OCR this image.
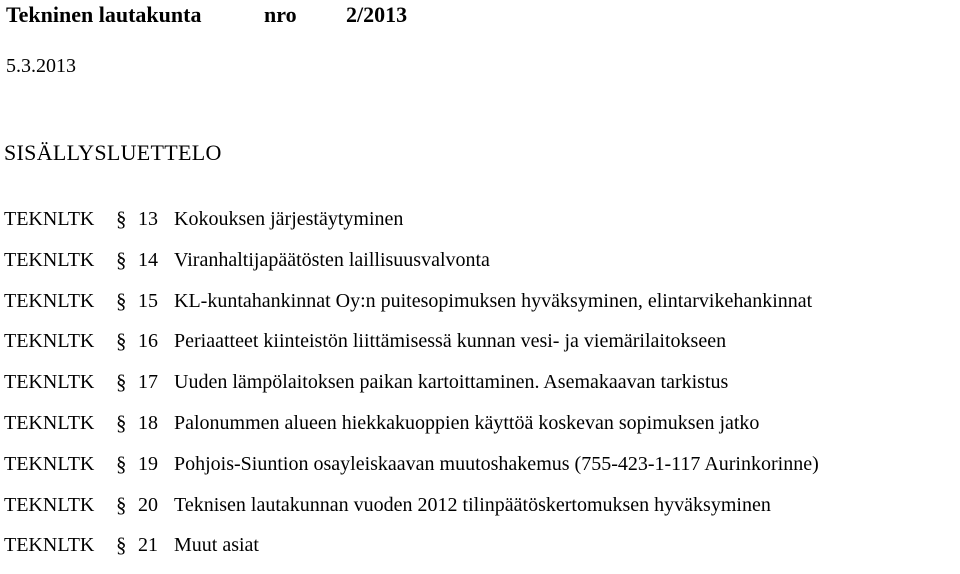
Tekninen lautakunta	nro 2/2013
5.3.2013
SISÄLLYSLUETTELO
TEKNLTK	§ 13 Kokouksen järjestäytyminen
TEKNLTK	§ 14 Viranhaltijapäätösten laillisuusvalvonta
TEKNLTK	§ 15 KL-kuntahankinnat Oy:n puitesopimuksen hyväksyminen, elintarvikehankinnat
TEKNLTK	§ 16 Periaatteet kiinteistön liittämisessä kunnan vesi- ja viemärilaitokseen
TEKNLTK	§ 17 Uuden lämpölaitoksen paikan kartoittaminen. Asemakaavan tarkistus
TEKNLTK	§ 18 Palonummen alueen hiekkakuoppien käyttöä koskevan sopimuksen jatko
TEKNLTK	§ 19 Pohjois-Siuntion osayleiskaavan muutoshakemus (755-423-1-117 Aurinkorinne)
TEKNLTK	§ 20 Teknisen lautakunnan vuoden 2012 tilinpäätöskertomuksen hyväksyminen
TEKNLTK	§ 21 Muut asiat
